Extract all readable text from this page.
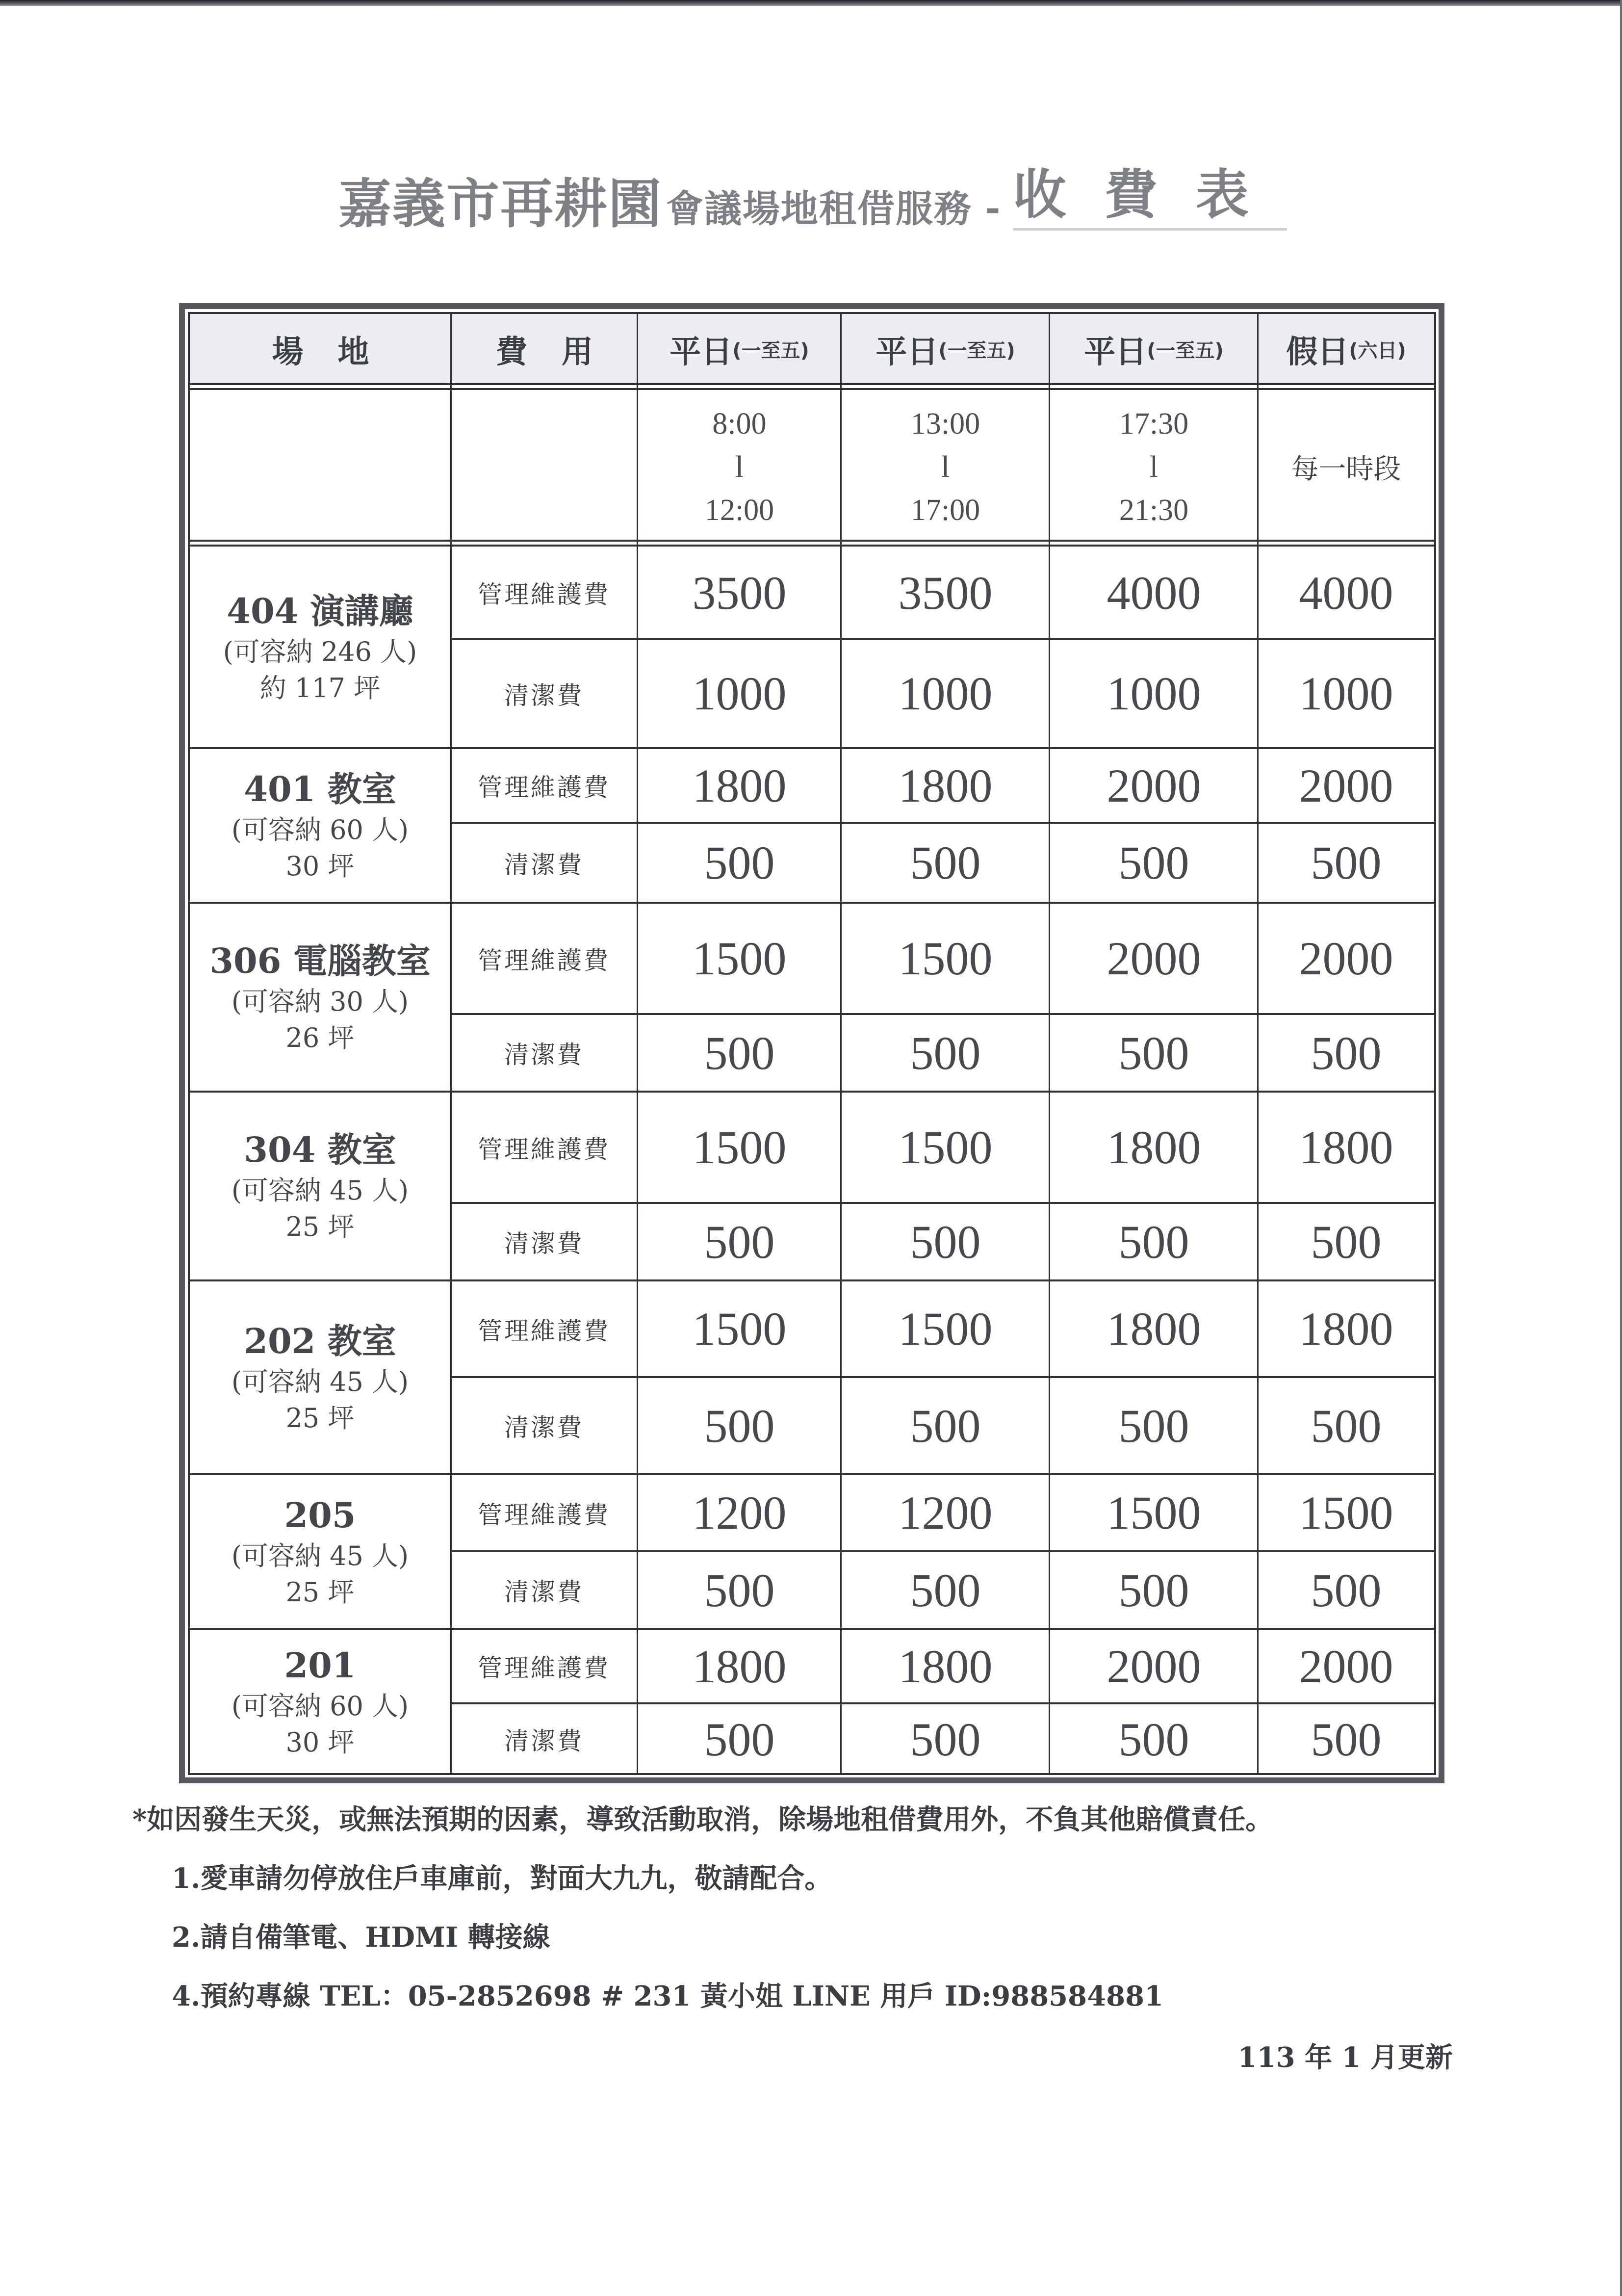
嘉義市再耕園 會議場地租借服務 - 收費表
場地	費用 平日 (一至五) 平日 (一至五) 平日 (一至五) 假日 (六日)
8:00
l
12:00
13:00
l
17:00
17:30
l
21:30
每一時段
404 演講廳
(可容納 246 人)
約 117 坪
管理維護費
清潔費
3500
1000
3500
1000
4000
1000
4000
1000
401 教室
(可容納 60 人)
30 坪
管理維護費
清潔費
1800
500
1800
500
2000
500
2000
500
306 電腦教室
(可容納 30 人)
26 坪
管理維護費
清潔費
1500
500
1500
500
2000
500
2000
500
304 教室
(可容納 45 人)
25 坪
管理維護費
清潔費
1500
500
1500
500
1800
500
1800
500
202 教室
(可容納 45 人)
25 坪
管理維護費
清潔費
1500
500
1500
500
1800
500
1800
500
205
(可容納 45 人)
25 坪
管理維護費
清潔費
1200
500
1200
500
1500
500
1500
500
201
(可容納 60 人)
30 坪
管理維護費
清潔費
1800
500
1800
500
2000
500
2000
500
*如因發生天災，或無法預期的因素，導致活動取消，除場地租借費用外，不負其他賠償責任。
1.愛車請勿停放住戶車庫前，對面大九九，敬請配合。
2.請自備筆電、HDMI 轉接線
4.預約專線 TEL：05-2852698 # 231 黃小姐 LINE 用戶 ID:988584881
113 年 1 月更新
